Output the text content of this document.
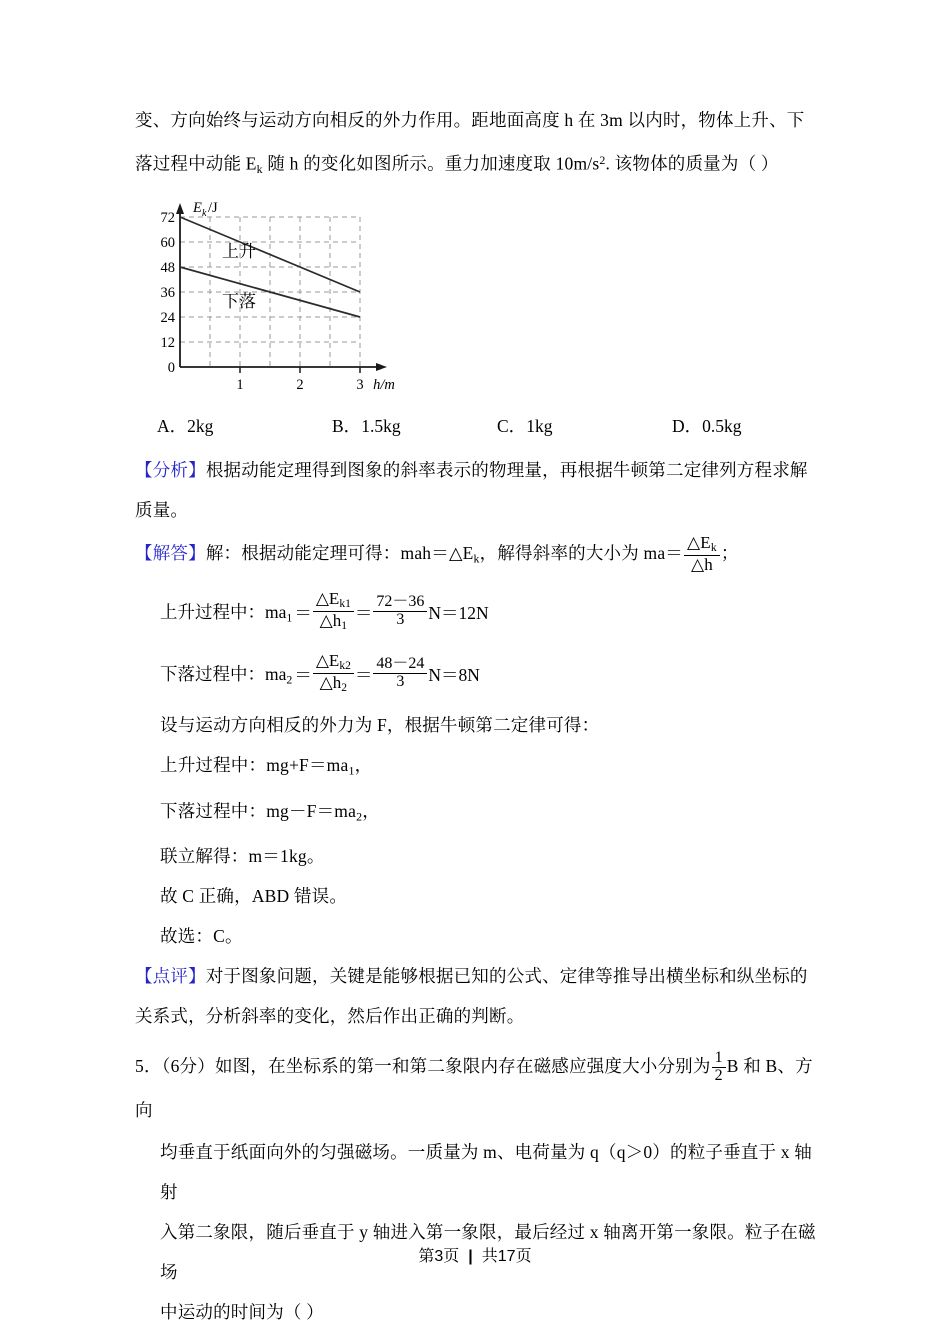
变、方向始终与运动方向相反的外力作用。距地面高度 h 在 3m 以内时，物体上升、下
落过程中动能 $E_k$ 随 h 的变化如图所示。重力加速度取 $10m/s^2$. 该物体的质量为（ ）
E k /J
72
60
48
36
24
12
0
1	2	3 h/m
上升
下落
A．2kg	B．1.5kg	C．1kg	D．0.5kg
【分析】根据动能定理得到图象的斜率表示的物理量，再根据牛顿第二定律列方程求解
质量。
【解答】解：根据动能定理可得：$mah=\triangle E_k$，解得斜率的大小为 $ma= \frac{\triangle E_k}{\triangle h}$ ；
上升过程中：$ma_1 = \frac{\triangle E_{k1}}{\triangle h_1} = \frac{72-36}{3} N=12N$
下落过程中：$ma_2 = \frac{\triangle E_{k2}}{\triangle h_2} = \frac{48-24}{3} N=8N$
设与运动方向相反的外力为 F，根据牛顿第二定律可得：
上升过程中：$mg+F=ma_1$，
下落过程中：$mg-F=ma_2$，
联立解得：m＝1kg。
故 C 正确，ABD 错误。
故选：C。
【点评】对于图象问题，关键是能够根据已知的公式、定律等推导出横坐标和纵坐标的
关系式，分析斜率的变化，然后作出正确的判断。
5．（6分）如图，在坐标系的第一和第二象限内存在磁感应强度大小分别为 $\frac{1}{2}$ B 和 B、方向
均垂直于纸面向外的匀强磁场。一质量为 m、电荷量为 q（q＞0）的粒子垂直于 x 轴射
入第二象限，随后垂直于 y 轴进入第一象限，最后经过 x 轴离开第一象限。粒子在磁场
中运动的时间为（ ）
第3页 | 共17页
